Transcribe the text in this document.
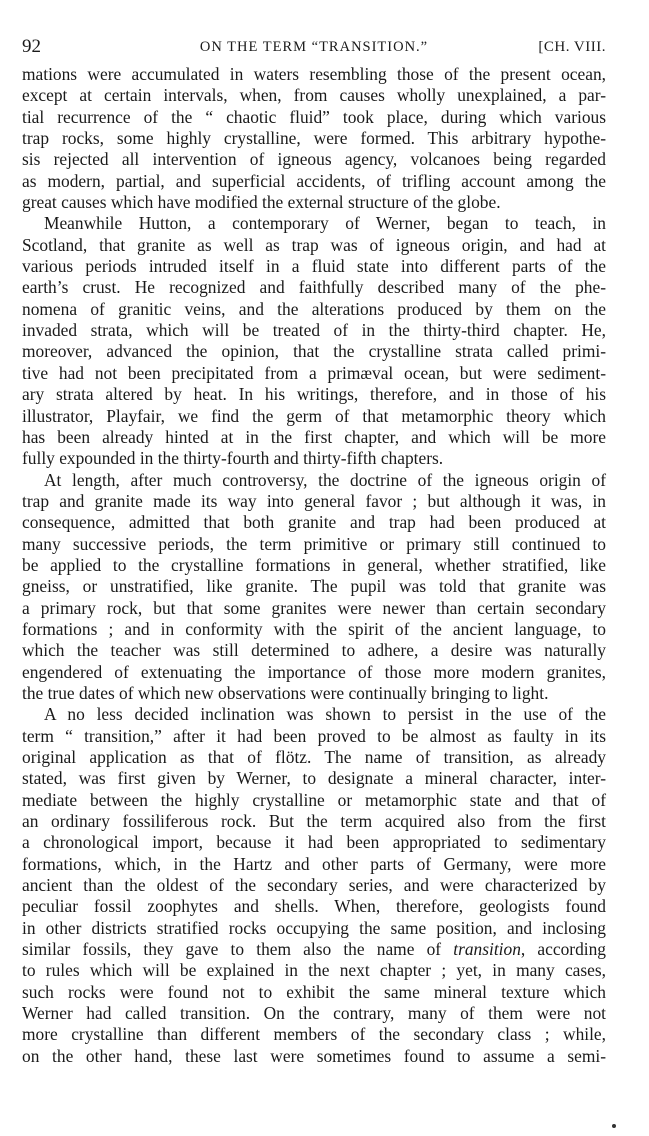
92	ON THE TERM “TRANSITION.”	[CH. VIII.
mations were accumulated in waters resembling those of the present ocean,
except at certain intervals, when, from causes wholly unexplained, a par-
tial recurrence of the “ chaotic fluid” took place, during which various
trap rocks, some highly crystalline, were formed. This arbitrary hypothe-
sis rejected all intervention of igneous agency, volcanoes being regarded
as modern, partial, and superficial accidents, of trifling account among the
great causes which have modified the external structure of the globe.
Meanwhile Hutton, a contemporary of Werner, began to teach, in
Scotland, that granite as well as trap was of igneous origin, and had at
various periods intruded itself in a fluid state into different parts of the
earth’s crust. He recognized and faithfully described many of the phe-
nomena of granitic veins, and the alterations produced by them on the
invaded strata, which will be treated of in the thirty-third chapter. He,
moreover, advanced the opinion, that the crystalline strata called primi-
tive had not been precipitated from a primæval ocean, but were sediment-
ary strata altered by heat. In his writings, therefore, and in those of his
illustrator, Playfair, we find the germ of that metamorphic theory which
has been already hinted at in the first chapter, and which will be more
fully expounded in the thirty-fourth and thirty-fifth chapters.
At length, after much controversy, the doctrine of the igneous origin of
trap and granite made its way into general favor ; but although it was, in
consequence, admitted that both granite and trap had been produced at
many successive periods, the term primitive or primary still continued to
be applied to the crystalline formations in general, whether stratified, like
gneiss, or unstratified, like granite. The pupil was told that granite was
a primary rock, but that some granites were newer than certain secondary
formations ; and in conformity with the spirit of the ancient language, to
which the teacher was still determined to adhere, a desire was naturally
engendered of extenuating the importance of those more modern granites,
the true dates of which new observations were continually bringing to light.
A no less decided inclination was shown to persist in the use of the
term “ transition,” after it had been proved to be almost as faulty in its
original application as that of flötz. The name of transition, as already
stated, was first given by Werner, to designate a mineral character, inter-
mediate between the highly crystalline or metamorphic state and that of
an ordinary fossiliferous rock. But the term acquired also from the first
a chronological import, because it had been appropriated to sedimentary
formations, which, in the Hartz and other parts of Germany, were more
ancient than the oldest of the secondary series, and were characterized by
peculiar fossil zoophytes and shells. When, therefore, geologists found
in other districts stratified rocks occupying the same position, and inclosing
similar fossils, they gave to them also the name of transition, according
to rules which will be explained in the next chapter ; yet, in many cases,
such rocks were found not to exhibit the same mineral texture which
Werner had called transition. On the contrary, many of them were not
more crystalline than different members of the secondary class ; while,
on the other hand, these last were sometimes found to assume a semi-
